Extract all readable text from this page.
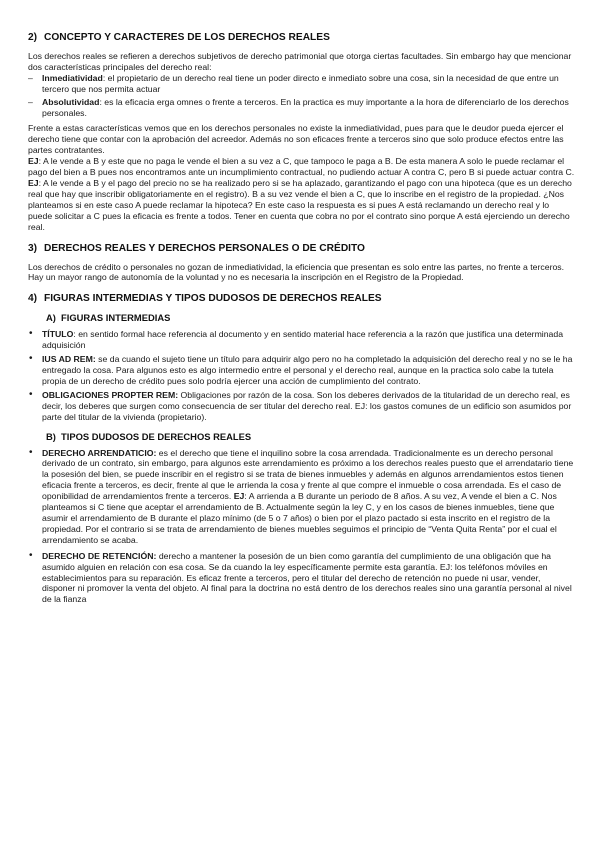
2) CONCEPTO Y CARACTERES DE LOS DERECHOS REALES

Los derechos reales se refieren a derechos subjetivos de derecho patrimonial que otorga ciertas facultades. Sin embargo hay que mencionar dos características principales del derecho real:

– Inmediatividad: el propietario de un derecho real tiene un poder directo e inmediato sobre una cosa, sin la necesidad de que entre un tercero que nos permita actuar
– Absolutividad: es la eficacia erga omnes o frente a terceros. En la practica es muy importante a la hora de diferenciarlo de los derechos personales.

Frente a estas características vemos que en los derechos personales no existe la inmediatividad, pues para que le deudor pueda ejercer el derecho tiene que contar con la aprobación del acreedor. Además no son eficaces frente a terceros sino que solo produce efectos entre las partes contratantes.

EJ: A le vende a B y este que no paga le vende el bien a su vez a C, que tampoco le paga a B. De esta manera A solo le puede reclamar el pago del bien a B pues nos encontramos ante un incumplimiento contractual, no pudiendo actuar A contra C, pero B si puede actuar contra C.

EJ: A le vende a B y el pago del precio no se ha realizado pero si se ha aplazado, garantizando el pago con una hipoteca (que es un derecho real que hay que inscribir obligatoriamente en el registro). B a su vez vende el bien a C, que lo inscribe en el registro de la propiedad. ¿Nos planteamos si en este caso A puede reclamar la hipoteca? En este caso la respuesta es si pues A está reclamando un derecho real y lo puede solicitar a C pues la eficacia es frente a todos. Tener en cuenta que cobra no por el contrato sino porque A está ejerciendo un derecho real.

3) DERECHOS REALES Y DERECHOS PERSONALES O DE CRÉDITO

Los derechos de crédito o personales no gozan de inmediatividad, la eficiencia que presentan es solo entre las partes, no frente a terceros. Hay un mayor rango de autonomía de la voluntad y no es necesaria la inscripción en el Registro de la Propiedad.

4) FIGURAS INTERMEDIAS Y TIPOS DUDOSOS DE DERECHOS REALES
A) FIGURAS INTERMEDIAS
• TÍTULO: en sentido formal hace referencia al documento y en sentido material hace referencia a la razón que justifica una determinada adquisición
• IUS AD REM: se da cuando el sujeto tiene un título para adquirir algo pero no ha completado la adquisición del derecho real y no se le ha entregado la cosa. Para algunos esto es algo intermedio entre el personal y el derecho real, aunque en la practica solo cabe la tutela propia de un derecho de crédito pues solo podría ejercer una acción de cumplimiento del contrato.
• OBLIGACIONES PROPTER REM: Obligaciones por razón de la cosa. Son los deberes derivados de la titularidad de un derecho real, es decir, los deberes que surgen como consecuencia de ser titular del derecho real. EJ: los gastos comunes de un edificio son asumidos por parte del titular de la vivienda (propietario).
B) TIPOS DUDOSOS DE DERECHOS REALES
• DERECHO ARRENDATICIO: es el derecho que tiene el inquilino sobre la cosa arrendada. Tradicionalmente es un derecho personal derivado de un contrato, sin embargo, para algunos este arrendamiento es próximo a los derechos reales puesto que el arrendatario tiene la posesión del bien, se puede inscribir en el registro si se trata de bienes inmuebles y además en algunos arrendamientos estos tienen eficacia frente a terceros, es decir, frente al que le arrienda la cosa y frente al que compre el inmueble o cosa arrendada. Es el caso de oponibilidad de arrendamientos frente a terceros. EJ: A arrienda a B durante un periodo de 8 años. A su vez, A vende el bien a C. Nos planteamos si C tiene que aceptar el arrendamiento de B. Actualmente según la ley C, y en los casos de bienes inmuebles, tiene que asumir el arrendamiento de B durante el plazo mínimo (de 5 o 7 años) o bien por el plazo pactado si esta inscrito en el registro de la propiedad. Por el contrario si se trata de arrendamiento de bienes muebles seguimos el principio de “Venta Quita Renta” por el cual el arrendamiento se acaba.
• DERECHO DE RETENCIÓN: derecho a mantener la posesión de un bien como garantía del cumplimiento de una obligación que ha asumido alguien en relación con esa cosa. Se da cuando la ley específicamente permite esta garantía. EJ: los teléfonos móviles en establecimientos para su reparación. Es eficaz frente a terceros, pero el titular del derecho de retención no puede ni usar, vender, disponer ni promover la venta del objeto. Al final para la doctrina no está dentro de los derechos reales sino una garantía personal al nivel de la fianza
